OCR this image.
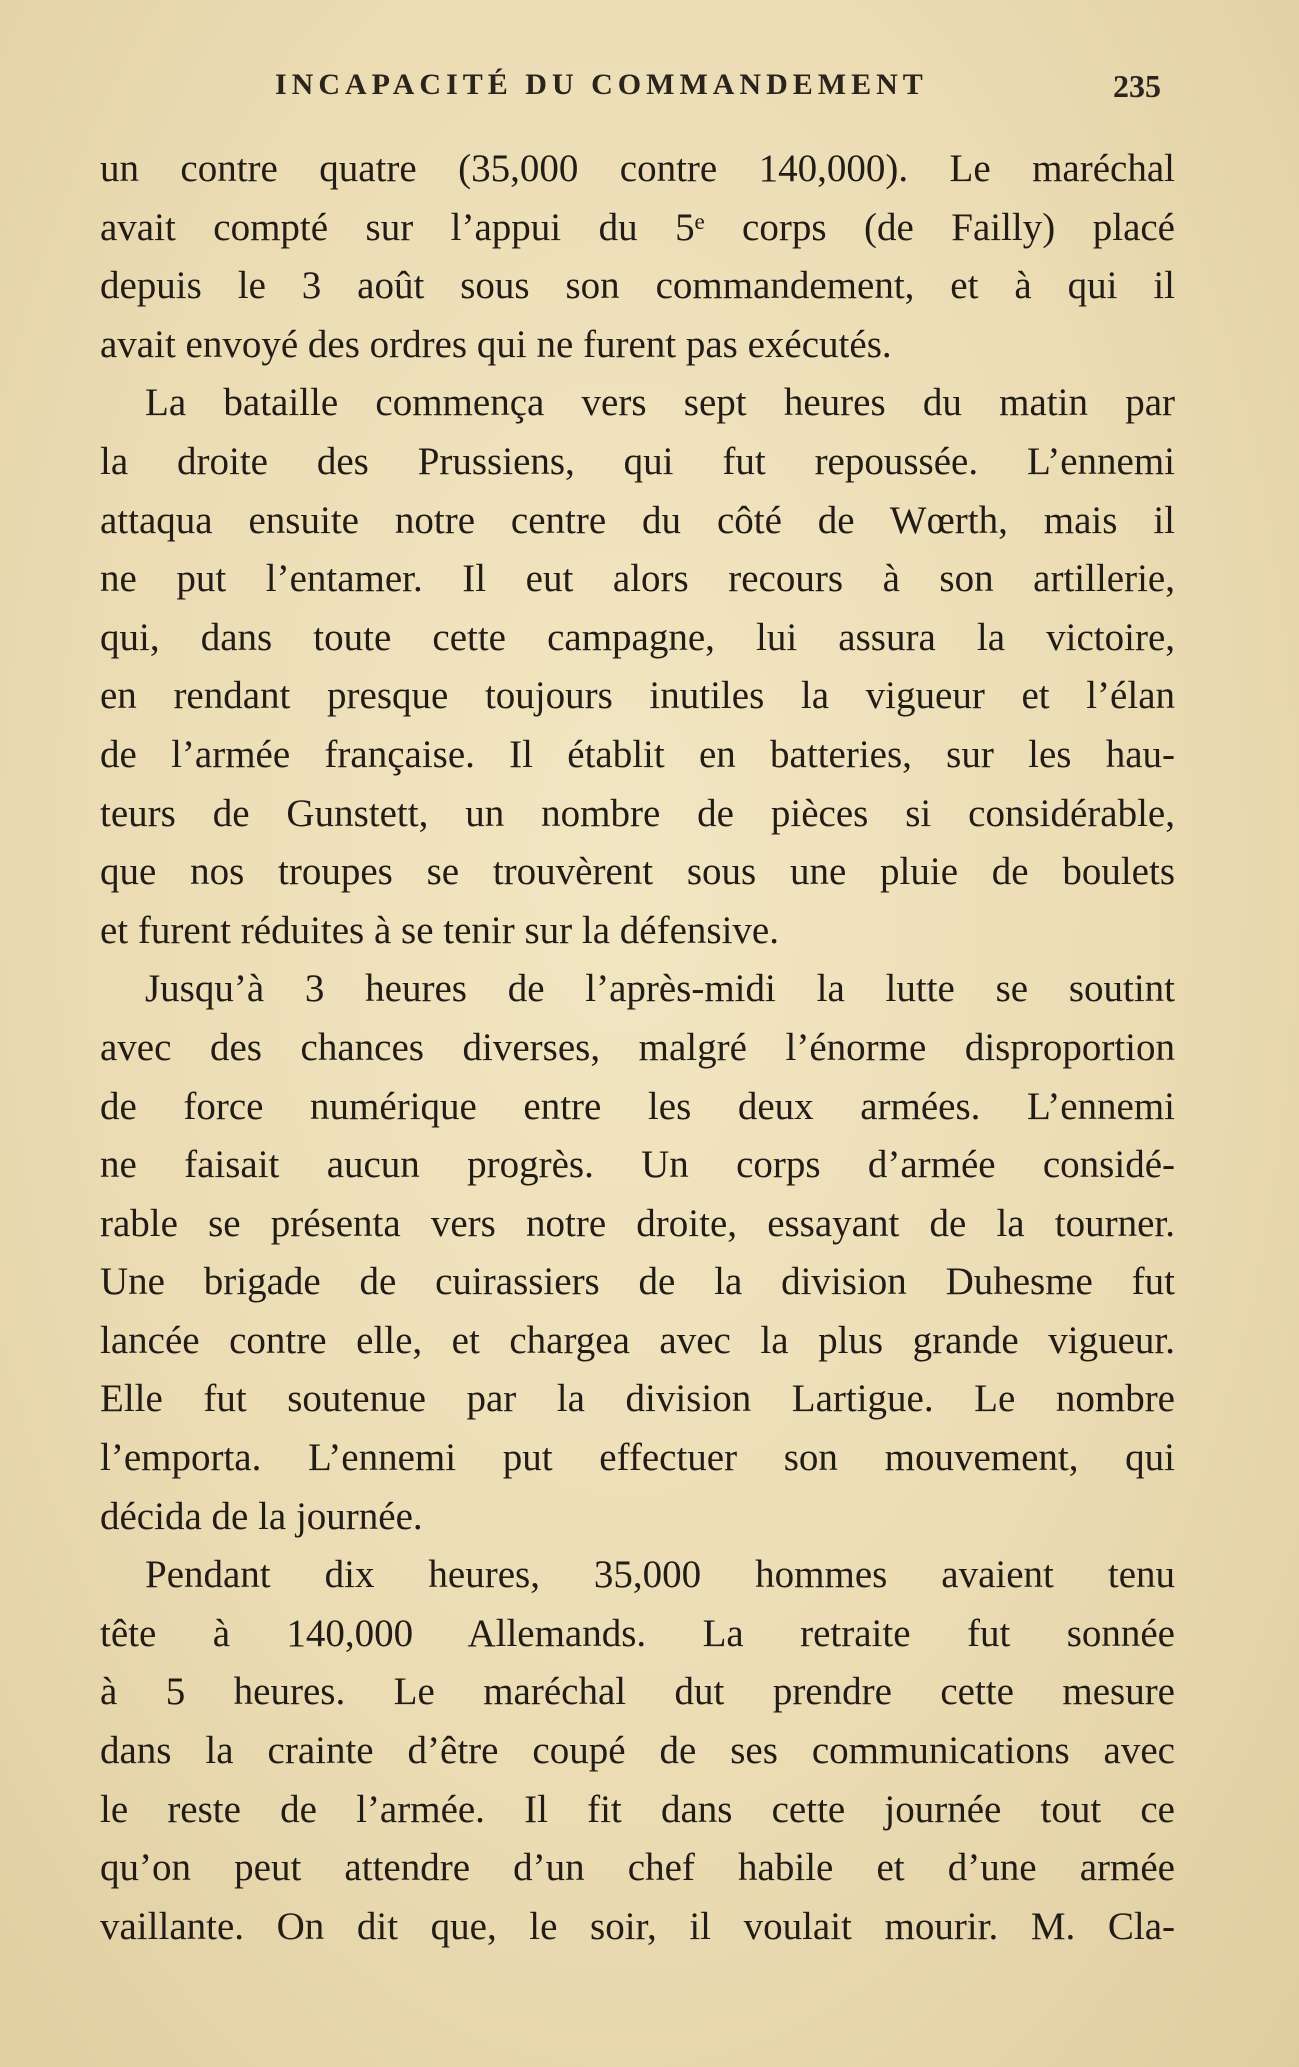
INCAPACITÉ DU COMMANDEMENT	235

un contre quatre (35,000 contre 140,000). Le maréchal
avait compté sur l’appui du 5ᵉ corps (de Failly) placé
depuis le 3 août sous son commandement, et à qui il
avait envoyé des ordres qui ne furent pas exécutés.

La bataille commença vers sept heures du matin par
la droite des Prussiens, qui fut repoussée. L’ennemi
attaqua ensuite notre centre du côté de Wœrth, mais il
ne put l’entamer. Il eut alors recours à son artillerie,
qui, dans toute cette campagne, lui assura la victoire,
en rendant presque toujours inutiles la vigueur et l’élan
de l’armée française. Il établit en batteries, sur les hau-
teurs de Gunstett, un nombre de pièces si considérable,
que nos troupes se trouvèrent sous une pluie de boulets
et furent réduites à se tenir sur la défensive.

Jusqu’à 3 heures de l’après-midi la lutte se soutint
avec des chances diverses, malgré l’énorme disproportion
de force numérique entre les deux armées. L’ennemi
ne faisait aucun progrès. Un corps d’armée considé-
rable se présenta vers notre droite, essayant de la tourner.
Une brigade de cuirassiers de la division Duhesme fut
lancée contre elle, et chargea avec la plus grande vigueur.
Elle fut soutenue par la division Lartigue. Le nombre
l’emporta. L’ennemi put effectuer son mouvement, qui
décida de la journée.

Pendant dix heures, 35,000 hommes avaient tenu
tête à 140,000 Allemands. La retraite fut sonnée
à 5 heures. Le maréchal dut prendre cette mesure
dans la crainte d’être coupé de ses communications avec
le reste de l’armée. Il fit dans cette journée tout ce
qu’on peut attendre d’un chef habile et d’une armée
vaillante. On dit que, le soir, il voulait mourir. M. Cla-
